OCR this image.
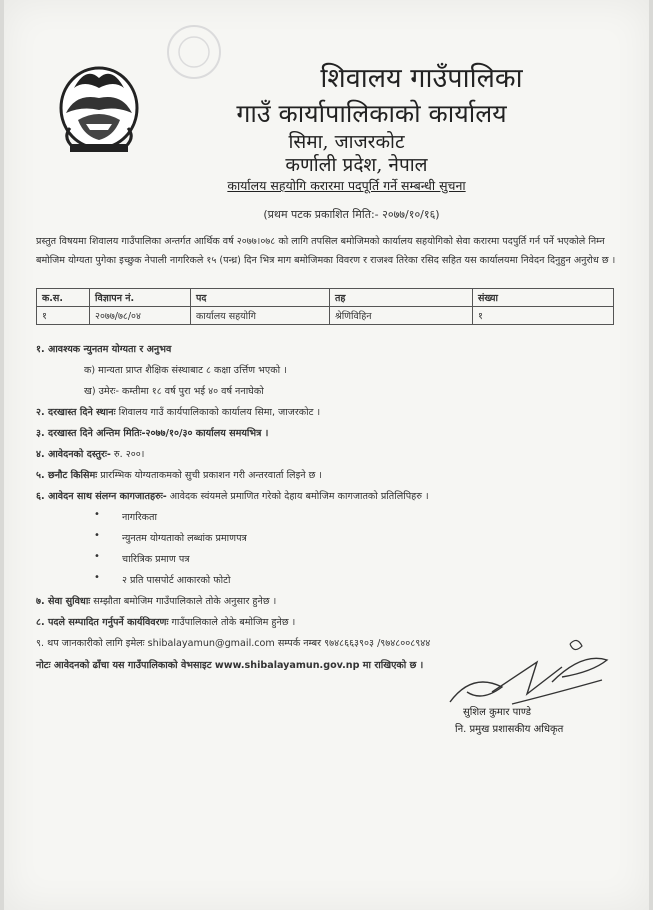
शिवालय गाउँपालिका
गाउँ कार्यापालिकाको कार्यालय
सिमा, जाजरकोट
कर्णाली प्रदेश, नेपाल
कार्यालय सहयोगि करारमा पदपूर्ति गर्ने सम्बन्धी सुचना
(प्रथम पटक प्रकाशित मिति:- २०७७/१०/१६)
प्रस्तुत विषयमा शिवालय गाउँपालिका अन्तर्गत आर्थिक वर्ष २०७७।०७८ को लागि तपसिल बमोजिमको कार्यालय सहयोगिको सेवा करारमा पदपुर्ति गर्न पर्ने भएकोले निम्न बमोजिम योग्यता पुगेका इच्छुक नेपाली नागरिकले १५ (पन्ध्र) दिन भित्र माग बमोजिमका विवरण र राजश्व तिरेका रसिद सहित यस कार्यालयमा निवेदन दिनुहुन अनुरोध छ ।
क.स.	विज्ञापन नं.	पद	तह	संख्या
१	२०७७/७८/०४	कार्यालय सहयोगि	श्रेणिविहिन	१
१. आवश्यक न्युनतम योग्यता र अनुभव
क) मान्यता प्राप्त शैक्षिक संस्थाबाट ८ कक्षा उर्त्तिण भएको ।
ख) उमेरः- कम्तीमा १८ वर्ष पुरा भई ४० वर्ष ननाघेको
२. दरखास्त दिने स्थानः शिवालय गाउँ कार्यपालिकाको कार्यालय सिमा, जाजरकोट ।
३. दरखास्त दिने अन्तिम मितिः-२०७७/१०/३० कार्यालय समयभित्र ।
४. आवेदनको दस्तुरः- रु. २००।
५. छनौट किसिमः प्रारम्भिक योग्यताकमको सुची प्रकाशन गरी अन्तरवार्ता लिइने छ ।
६. आवेदन साथ संलग्न कागजातहरुः- आवेदक स्वंयमले प्रमाणित गरेको देहाय बमोजिम कागजातको प्रतिलिपिहरु ।
• नागरिकता
• न्युनतम योग्यताको लब्धांक प्रमाणपत्र
• चारित्रिक प्रमाण पत्र
• २ प्रति पासपोर्ट आकारको फोटो
७. सेवा सुविधाः सम्झौता बमोजिम गाउँपालिकाले तोके अनुसार हुनेछ ।
८. पदले सम्पादित गर्नुपर्ने कार्यविवरणः गाउँपालिकाले तोके बमोजिम हुनेछ ।
९. थप जानकारीको लागि इमेलः shibalayamun@gmail.com सम्पर्क नम्बर ९७४८६६३९०३ /९७४८००८९४४
नोटः आवेदनको ढाँचा यस गाउँपालिकाको वेभसाइट www.shibalayamun.gov.np मा राखिएको छ ।
सुशिल कुमार पाण्डे
नि. प्रमुख प्रशासकीय अधिकृत
